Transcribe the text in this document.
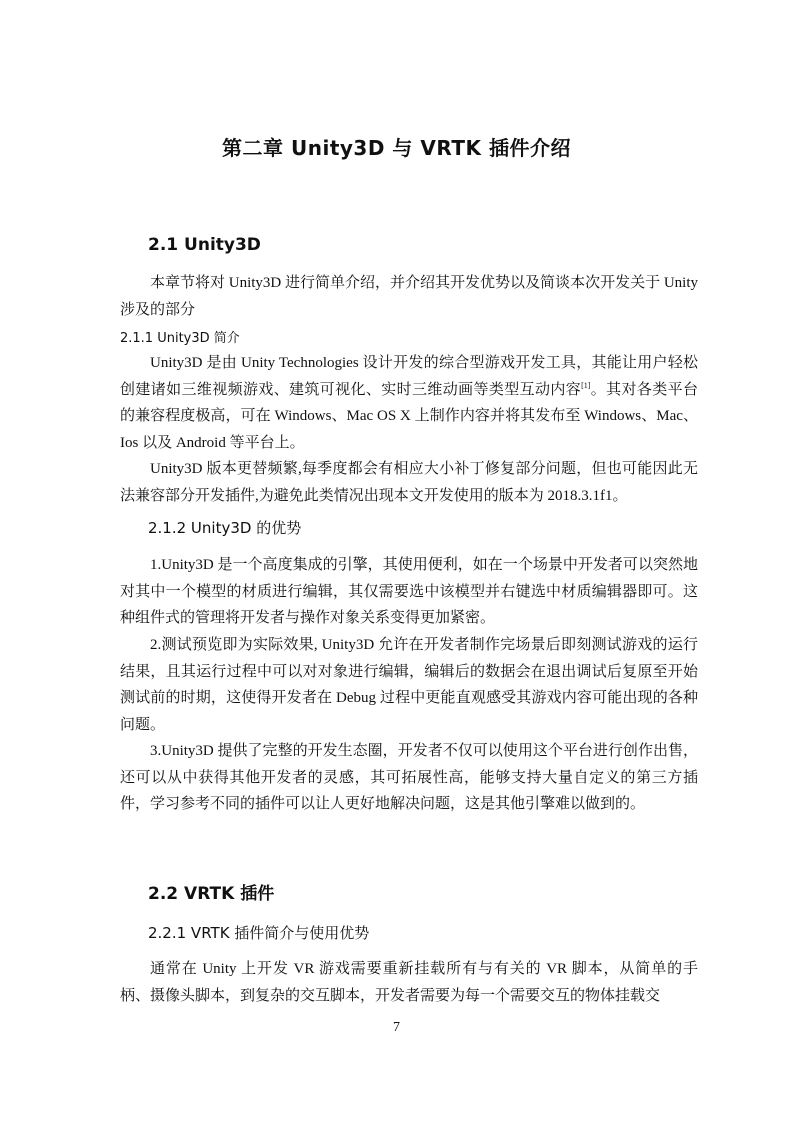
第二章 Unity3D 与 VRTK 插件介绍
2.1 Unity3D

本章节将对 Unity3D 进行简单介绍，并介绍其开发优势以及简谈本次开发关于 Unity 涉及的部分

2.1.1 Unity3D 简介

Unity3D 是由 Unity Technologies 设计开发的综合型游戏开发工具，其能让用户轻松创建诸如三维视频游戏、建筑可视化、实时三维动画等类型互动内容[1]。其对各类平台的兼容程度极高，可在 Windows、Mac OS X 上制作内容并将其发布至 Windows、Mac、Ios 以及 Android 等平台上。

Unity3D 版本更替频繁,每季度都会有相应大小补丁修复部分问题，但也可能因此无法兼容部分开发插件,为避免此类情况出现本文开发使用的版本为 2018.3.1f1。

2.1.2 Unity3D 的优势

1.Unity3D 是一个高度集成的引擎，其使用便利，如在一个场景中开发者可以突然地对其中一个模型的材质进行编辑，其仅需要选中该模型并右键选中材质编辑器即可。这种组件式的管理将开发者与操作对象关系变得更加紧密。

2.测试预览即为实际效果, Unity3D 允许在开发者制作完场景后即刻测试游戏的运行结果，且其运行过程中可以对对象进行编辑，编辑后的数据会在退出调试后复原至开始测试前的时期，这使得开发者在 Debug 过程中更能直观感受其游戏内容可能出现的各种问题。

3.Unity3D 提供了完整的开发生态圈，开发者不仅可以使用这个平台进行创作出售，还可以从中获得其他开发者的灵感，其可拓展性高，能够支持大量自定义的第三方插件，学习参考不同的插件可以让人更好地解决问题，这是其他引擎难以做到的。

2.2 VRTK 插件
2.2.1 VRTK 插件简介与使用优势

通常在 Unity 上开发 VR 游戏需要重新挂载所有与有关的 VR 脚本，从简单的手柄、摄像头脚本，到复杂的交互脚本，开发者需要为每一个需要交互的物体挂载交

7
